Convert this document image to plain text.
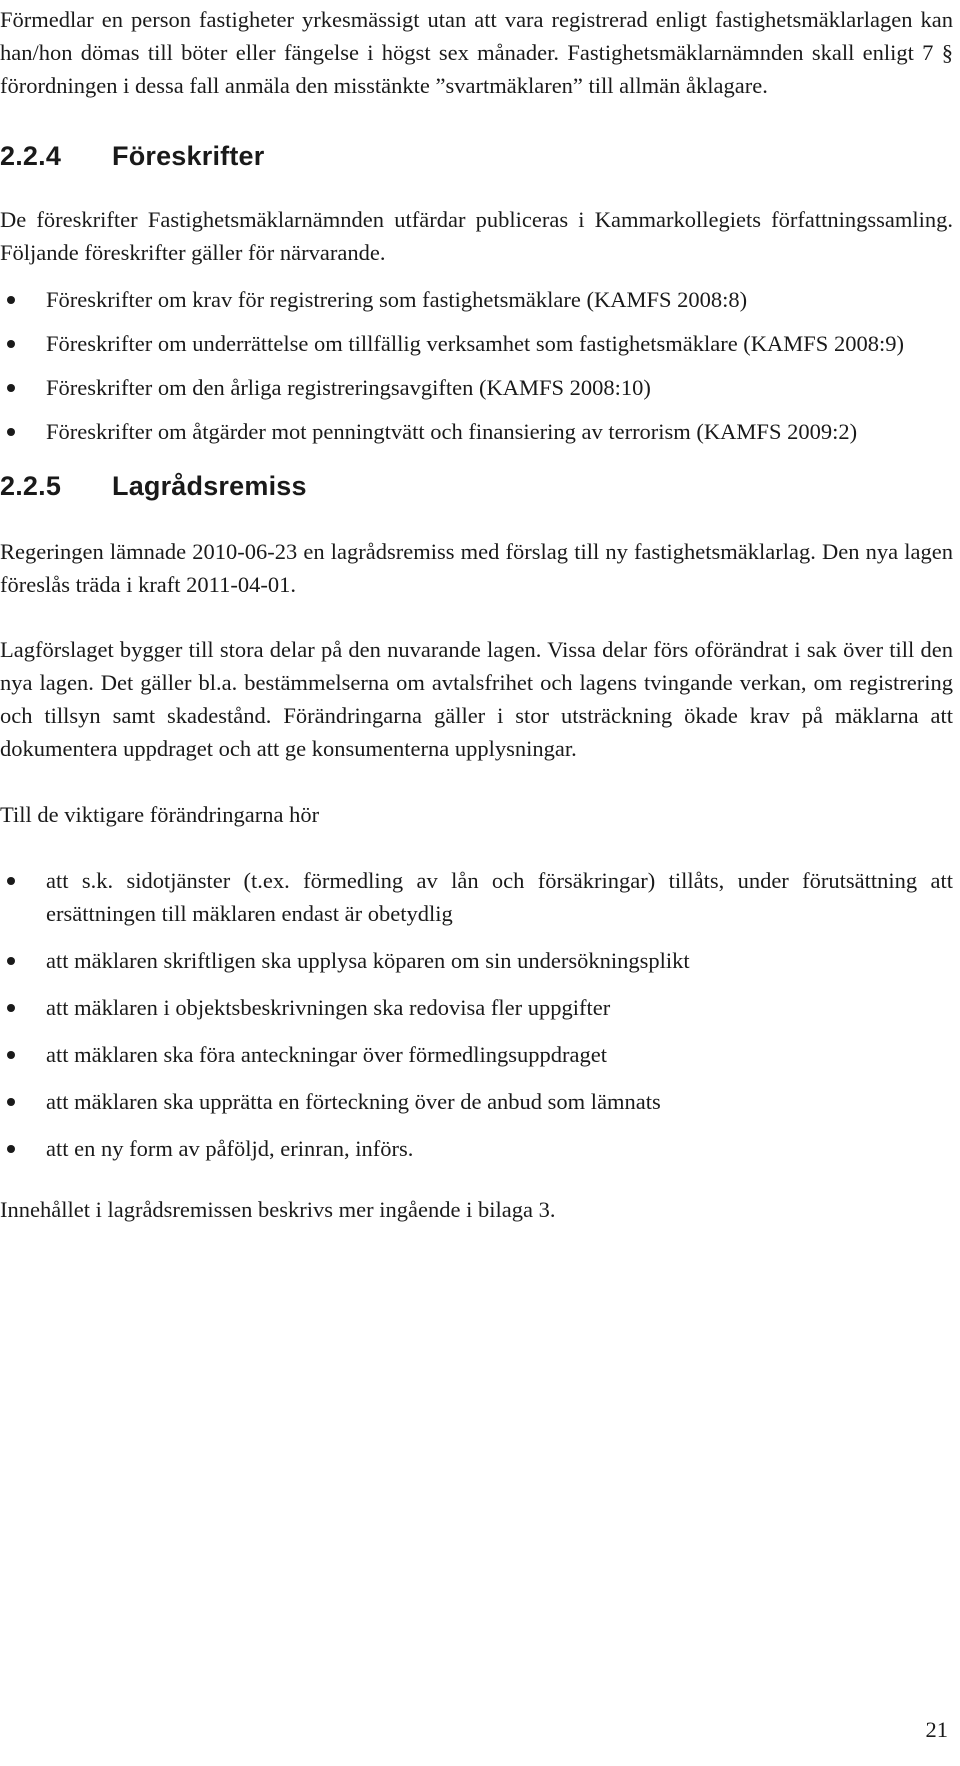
Förmedlar en person fastigheter yrkesmässigt utan att vara registrerad enligt fastighetsmäklarlagen kan han/hon dömas till böter eller fängelse i högst sex månader. Fastighetsmäklarnämnden skall enligt 7 § förordningen i dessa fall anmäla den misstänkte ”svartmäklaren” till allmän åklagare.

2.2.4	Föreskrifter

De föreskrifter Fastighetsmäklarnämnden utfärdar publiceras i Kammarkollegiets författningssamling. Följande föreskrifter gäller för närvarande.

Föreskrifter om krav för registrering som fastighetsmäklare (KAMFS 2008:8)
Föreskrifter om underrättelse om tillfällig verksamhet som fastighetsmäklare (KAMFS 2008:9)
Föreskrifter om den årliga registreringsavgiften (KAMFS 2008:10)
Föreskrifter om åtgärder mot penningtvätt och finansiering av terrorism (KAMFS 2009:2)
2.2.5	Lagrådsremiss

Regeringen lämnade 2010-06-23 en lagrådsremiss med förslag till ny fastighetsmäklarlag. Den nya lagen föreslås träda i kraft 2011-04-01.

Lagförslaget bygger till stora delar på den nuvarande lagen. Vissa delar förs oförändrat i sak över till den nya lagen. Det gäller bl.a. bestämmelserna om avtalsfrihet och lagens tvingande verkan, om registrering och tillsyn samt skadestånd. Förändringarna gäller i stor utsträckning ökade krav på mäklarna att dokumentera uppdraget och att ge konsumenterna upplysningar.

Till de viktigare förändringarna hör

att s.k. sidotjänster (t.ex. förmedling av lån och försäkringar) tillåts, under förutsättning att ersättningen till mäklaren endast är obetydlig
att mäklaren skriftligen ska upplysa köparen om sin undersökningsplikt
att mäklaren i objektsbeskrivningen ska redovisa fler uppgifter
att mäklaren ska föra anteckningar över förmedlingsuppdraget
att mäklaren ska upprätta en förteckning över de anbud som lämnats
att en ny form av påföljd, erinran, införs.

Innehållet i lagrådsremissen beskrivs mer ingående i bilaga 3.

21
